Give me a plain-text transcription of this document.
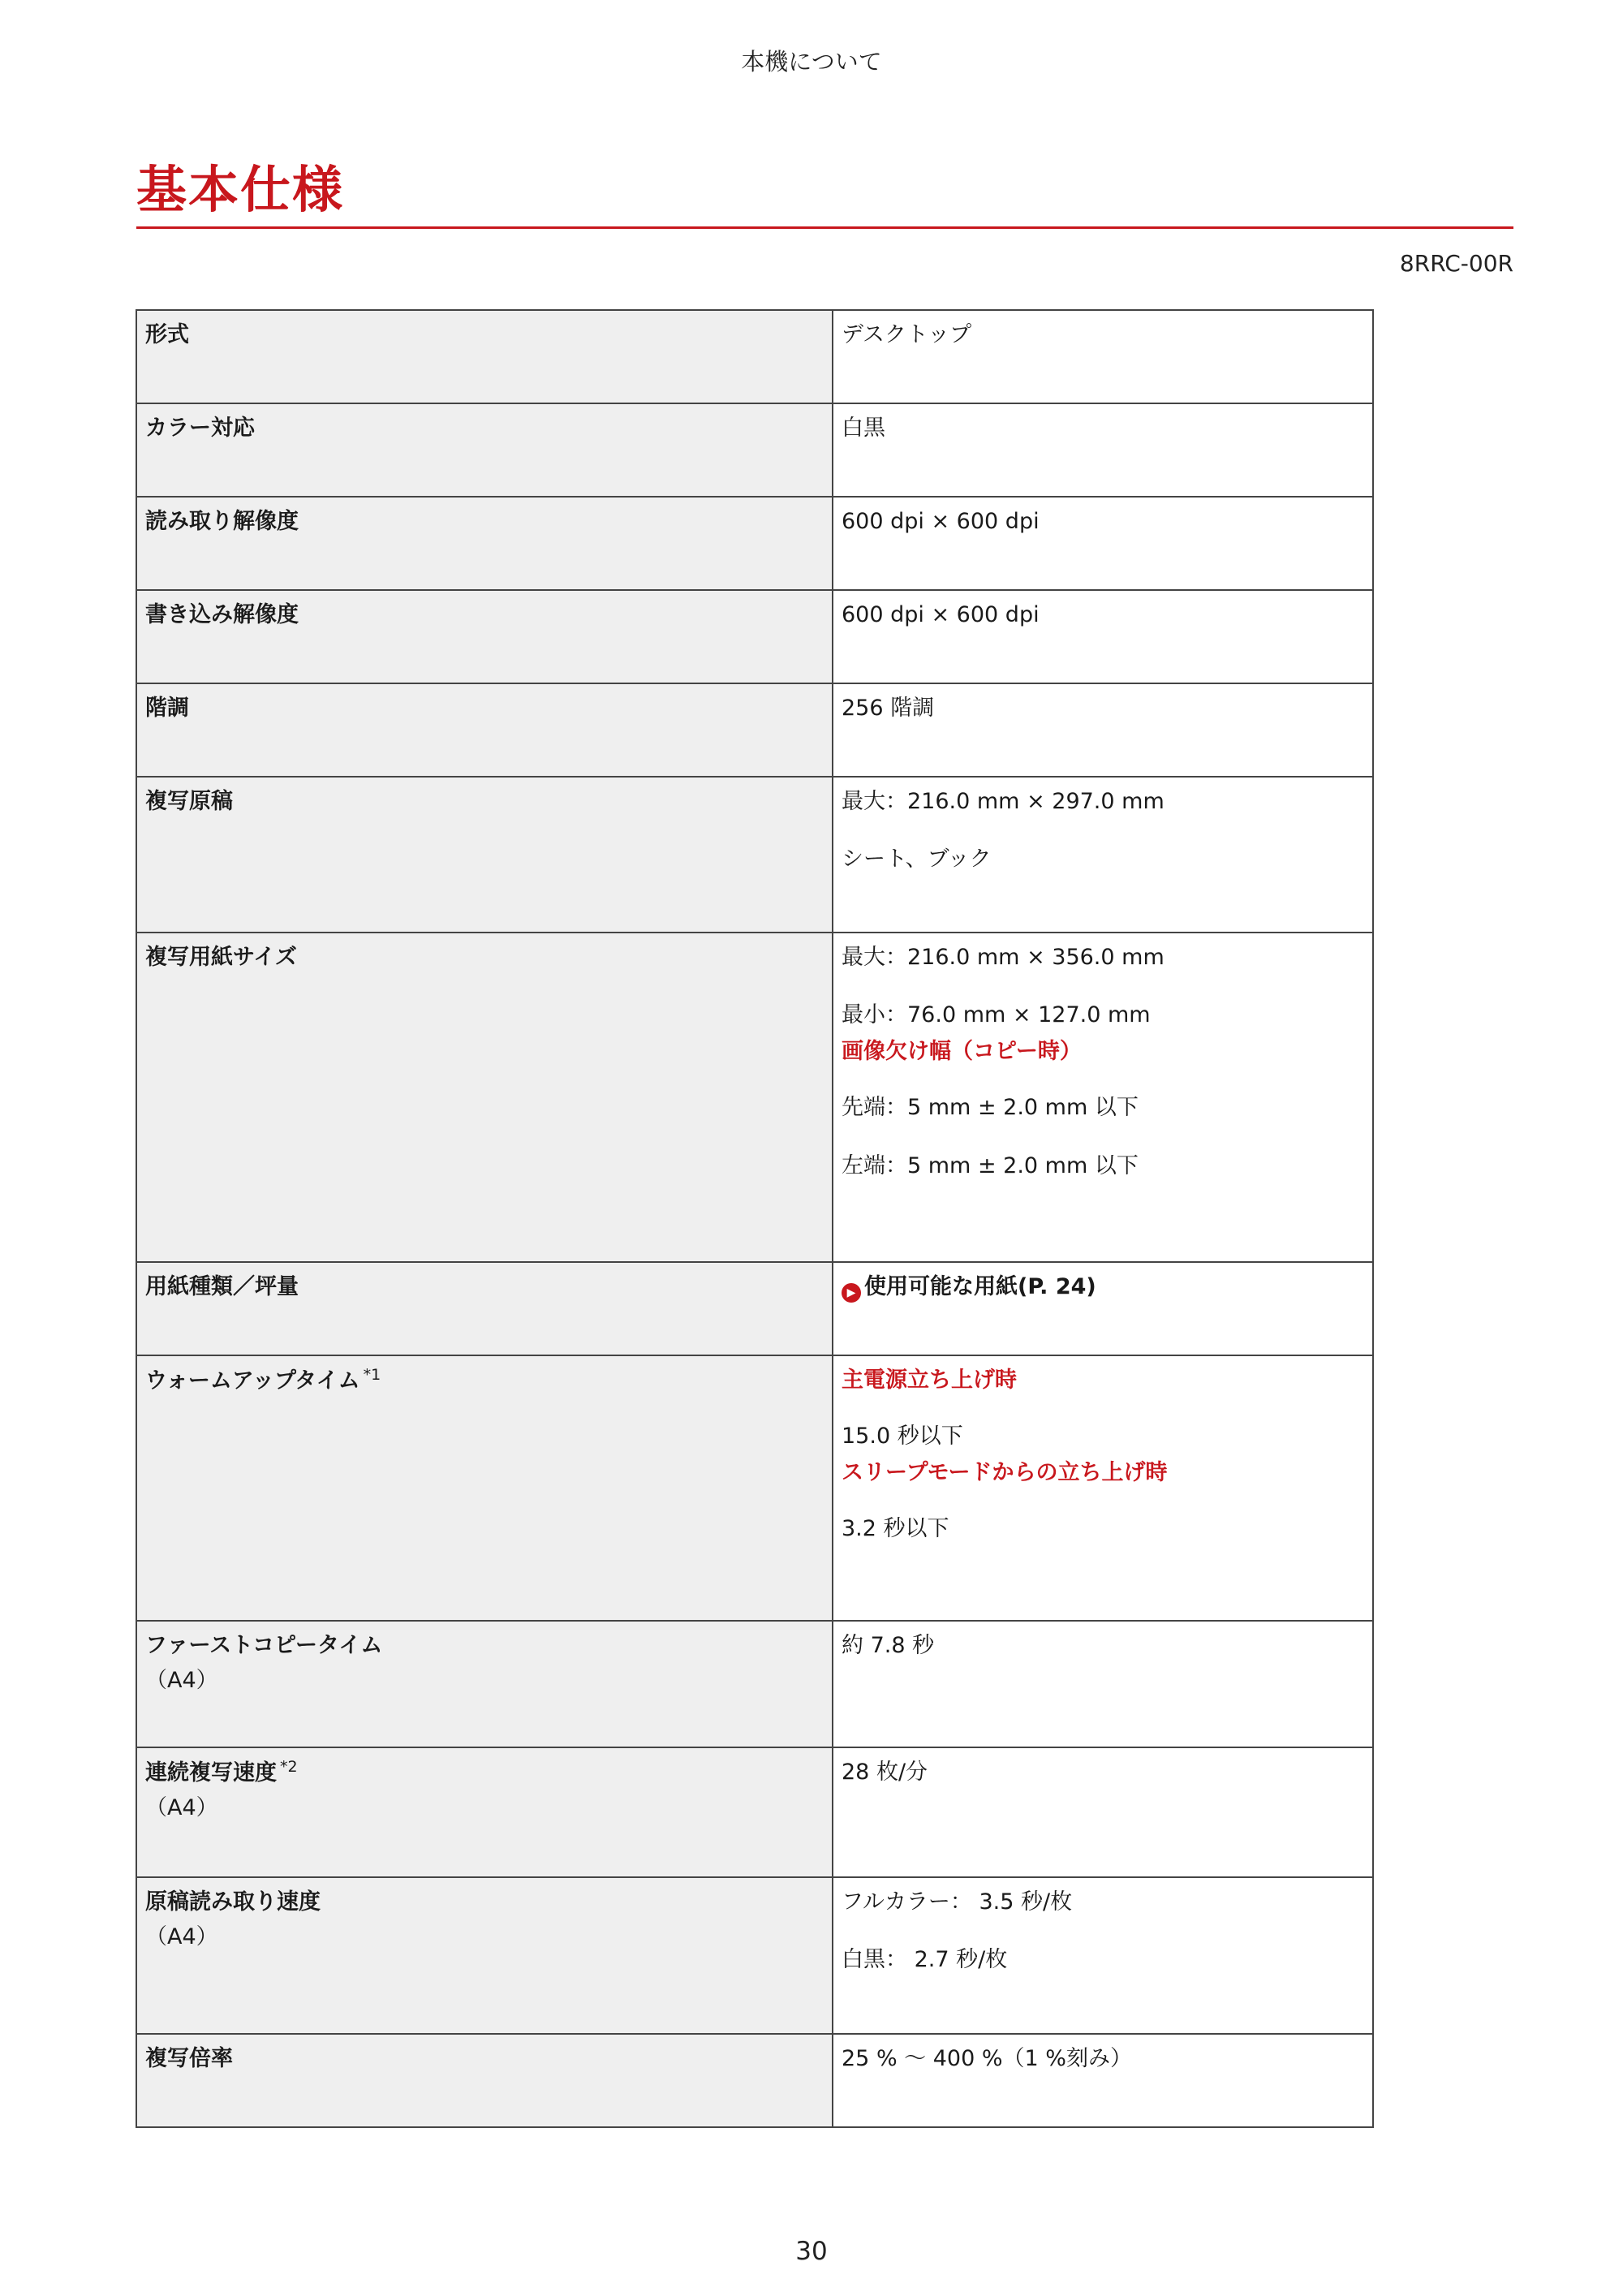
本機について
基本仕様
8RRC-00R
形式	デスクトップ

カラー対応	白黒

読み取り解像度	600 dpi × 600 dpi

書き込み解像度	600 dpi × 600 dpi

階調	256 階調

複写原稿	最大：216.0 mm × 297.0 mm
シート、ブック

複写用紙サイズ	最大：216.0 mm × 356.0 mm
最小：76.0 mm × 127.0 mm
画像欠け幅（コピー時）
先端：5 mm ± 2.0 mm 以下
左端：5 mm ± 2.0 mm 以下

用紙種類／坪量	▶ 使用可能な用紙(P. 24)
ウォームアップタイム $^{*1}$	主電源立ち上げ時
15.0 秒以下
スリープモードからの立ち上げ時
3.2 秒以下

ファーストコピータイム
（A4）	約 7.8 秒

連続複写速度 $^{*2}$
（A4）	28 枚/分

原稿読み取り速度
（A4）	フルカラー： 3.5 秒/枚
白黒： 2.7 秒/枚

複写倍率	25 % ～ 400 %（1 %刻み）
30
